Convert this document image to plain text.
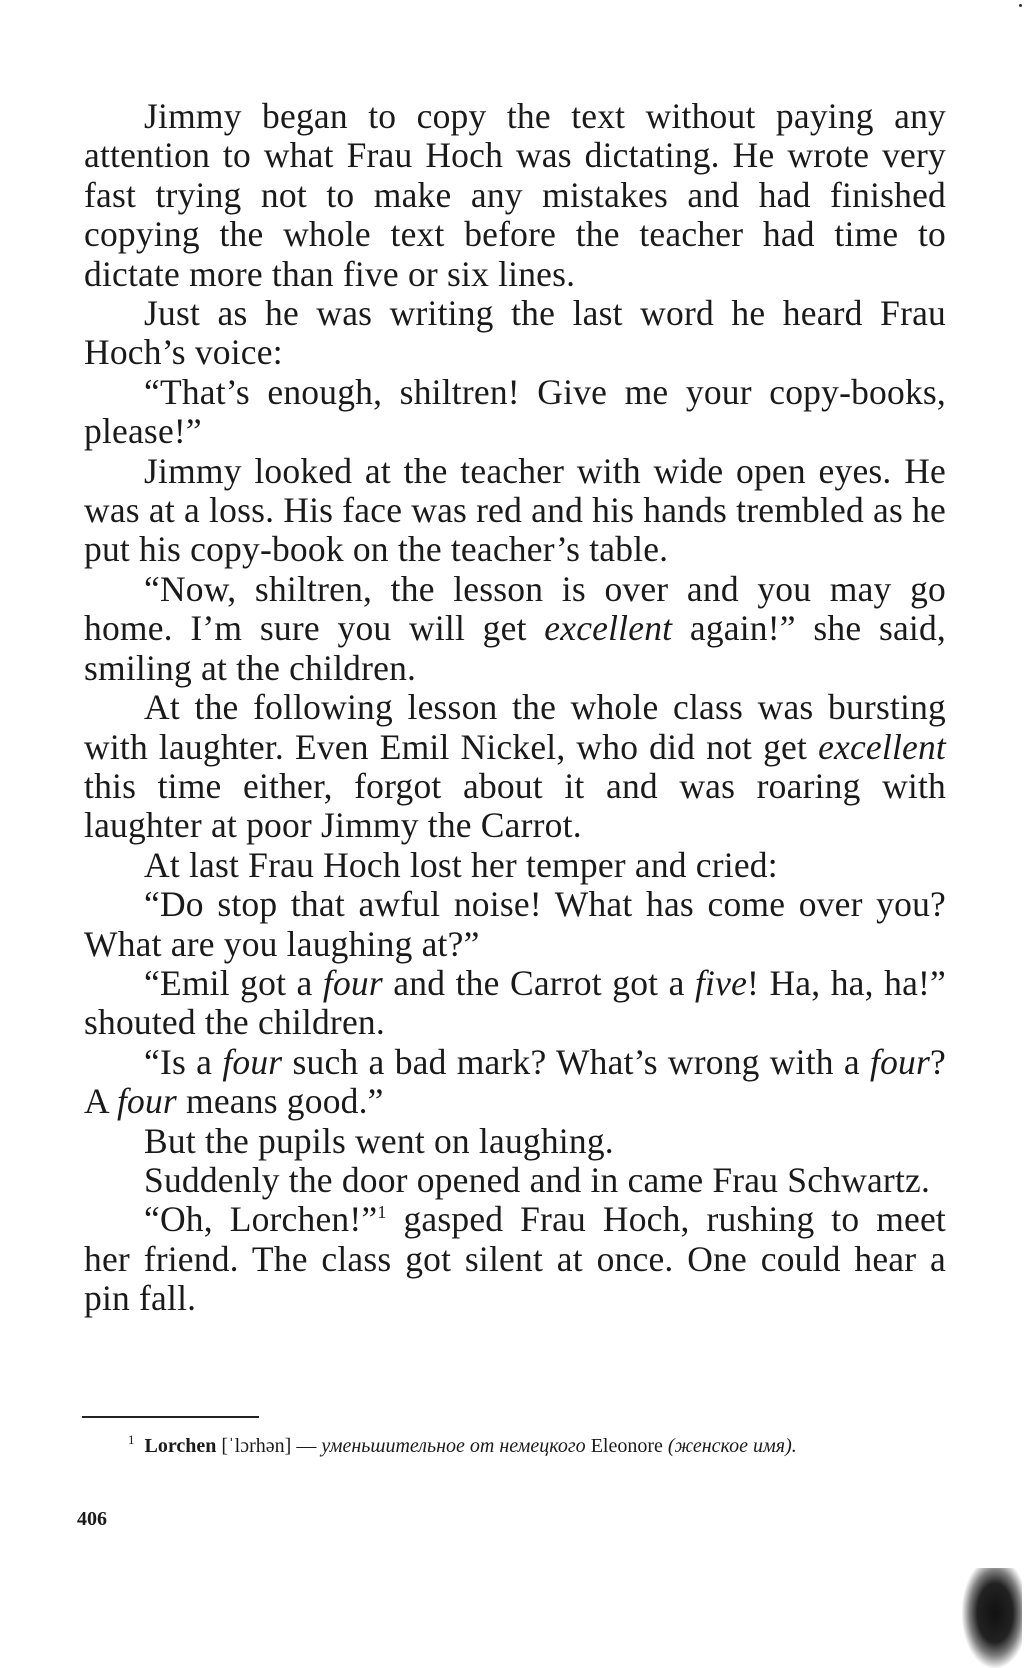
Jimmy began to copy the text without paying any attention to what Frau Hoch was dictating. He wrote very fast trying not to make any mistakes and had finished copying the whole text before the teacher had time to dictate more than five or six lines.

Just as he was writing the last word he heard Frau Hoch’s voice:

“That’s enough, shiltren! Give me your copy-books, please!”

Jimmy looked at the teacher with wide open eyes. He was at a loss. His face was red and his hands trembled as he put his copy-book on the teacher’s table.

“Now, shiltren, the lesson is over and you may go home. I’m sure you will get excellent again!” she said, smiling at the children.

At the following lesson the whole class was bursting with laughter. Even Emil Nickel, who did not get excellent this time either, forgot about it and was roaring with laughter at poor Jimmy the Carrot.

At last Frau Hoch lost her temper and cried:

“Do stop that awful noise! What has come over you? What are you laughing at?”

“Emil got a four and the Carrot got a five! Ha, ha, ha!” shouted the children.

“Is a four such a bad mark? What’s wrong with a four? A four means good.”

But the pupils went on laughing.

Suddenly the door opened and in came Frau Schwartz.

“Oh, Lorchen!”$^1$ gasped Frau Hoch, rushing to meet her friend. The class got silent at once. One could hear a pin fall.

$^1$ Lorchen [ˈlɔrhən] — уменьшительное от немецкого Eleonore (женское имя).
406
